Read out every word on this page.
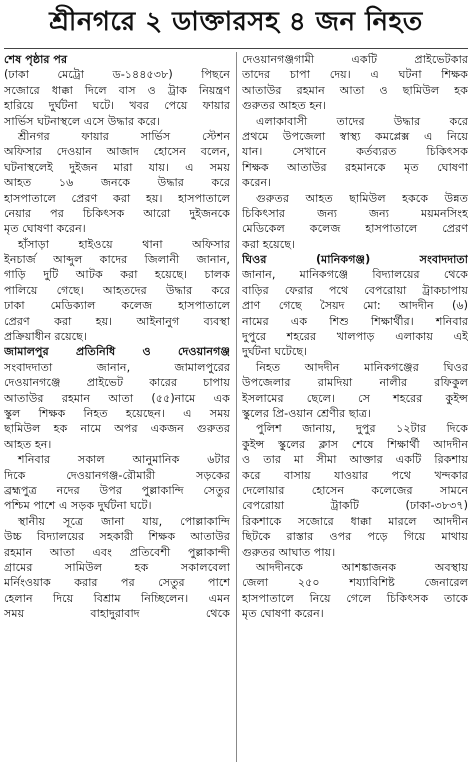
শ্রীনগরে ২ ডাক্তারসহ ৪ জন নিহত
শেষ পৃষ্ঠার পর
(ঢাকা মেট্রো ড-১৪৪৫৩৮) পিছনে
সজোরে ধাক্কা দিলে বাস ও ট্রাক নিয়ন্ত্রণ
হারিয়ে দুর্ঘটনা ঘটে। খবর পেয়ে ফায়ার
সার্ভিস ঘটনাস্থলে এসে উদ্ধার করে।
শ্রীনগর ফায়ার সার্ভিস স্টেশন
অফিসার দেওয়ান আজাদ হোসেন বলেন,
ঘটনাস্থলেই দুইজন মারা যায়। এ সময়
আহত ১৬ জনকে উদ্ধার করে
হাসপাতালে প্রেরণ করা হয়। হাসপাতালে
নেয়ার পর চিকিৎসক আরো দুইজনকে
মৃত ঘোষণা করেন।
হাঁসাড়া হাইওয়ে থানা অফিসার
ইনচার্জ আব্দুল কাদের জিলানী জানান,
গাড়ি দুটি আটক করা হয়েছে। চালক
পালিয়ে গেছে। আহতদের উদ্ধার করে
ঢাকা মেডিক্যাল কলেজ হাসপাতালে
প্রেরণ করা হয়। আইনানুগ ব্যবস্থা
প্রক্রিয়াধীন রয়েছে।
জামালপুর প্রতিনিধি ও দেওয়ানগঞ্জ
সংবাদদাতা জানান, জামালপুরের
দেওয়ানগঞ্জে প্রাইভেট কারের চাপায়
আতাউর রহমান আতা (৫৫)নামে এক
স্কুল শিক্ষক নিহত হয়েছেন। এ সময়
ছামিউল হক নামে অপর একজন গুরুতর
আহত হন।
শনিবার সকাল আনুমানিক ৬টার
দিকে দেওয়ানগঞ্জ-রৌমারী সড়কের
ব্রহ্মপুত্র নদের উপর পুল্লাকান্দি সেতুর
পশ্চিম পাশে এ সড়ক দুর্ঘটনা ঘটে।
স্থানীয় সূত্রে জানা যায়, পোল্লাকান্দি
উচ্চ বিদ্যালয়ের সহকারী শিক্ষক আতাউর
রহমান আতা এবং প্রতিবেশী পুল্লাকান্দী
গ্রামের সামিউল হক সকালবেলা
মর্নিংওয়াক করার পর সেতুর পাশে
হেলান দিয়ে বিশ্রাম নিচ্ছিলেন। এমন
সময় বাহাদুরাবাদ থেকে
দেওয়ানগঞ্জগামী একটি প্রাইভেটকার
তাদের চাপা দেয়। এ ঘটনা শিক্ষক
আতাউর রহমান আতা ও ছামিউল হক
গুরুতর আহত হন।
এলাকাবাসী তাদের উদ্ধার করে
প্রথমে উপজেলা স্বাস্থ্য কমপ্লেক্স এ নিয়ে
যান। সেখানে কর্তব্যরত চিকিৎসক
শিক্ষক আতাউর রহমানকে মৃত ঘোষণা
করেন।
গুরুতর আহত ছামিউল হককে উন্নত
চিকিৎসার জন্য জন্য ময়মনসিংহ
মেডিকেল কলেজ হাসপাতালে প্রেরণ
করা হয়েছে।
ঘিওর (মানিকগঞ্জ) সংবাদদাতা
জানান, মানিকগঞ্জে বিদ্যালয়ের থেকে
বাড়ির ফেরার পথে বেপরোয়া ট্রাকচাপায়
প্রাণ গেছে সৈয়দ মো: আদদীন (৬)
নামের এক শিশু শিক্ষার্থীর। শনিবার
দুপুরে শহরের খালপাড় এলাকায় এই
দুর্ঘটনা ঘটেছে।
নিহত আদদীন মানিকগঞ্জের ঘিওর
উপজেলার রামদিয়া নালীর রফিকুল
ইসলামের ছেলে। সে শহরের কুইন্স
স্কুলের প্রি-ওয়ান শ্রেণীর ছাত্র।
পুলিশ জানায়, দুপুর ১২টার দিকে
কুইন্স স্কুলের ক্লাস শেষে শিক্ষার্থী আদদীন
ও তার মা সীমা আক্তার একটি রিকশায়
করে বাসায় যাওয়ার পথে খন্দকার
দেলোয়ার হোসেন কলেজের সামনে
বেপরোয়া ট্রাকটি (ঢাকা-৩৮৩৭)
রিকশাকে সজোরে ধাক্কা মারলে আদদীন
ছিটকে রাস্তার ওপর পড়ে গিয়ে মাথায়
গুরুতর আঘাত পায়।
আদদীনকে আশঙ্কাজনক অবস্থায়
জেলা ২৫০ শয্যাবিশিষ্ট জেনারেল
হাসপাতালে নিয়ে গেলে চিকিৎসক তাকে
মৃত ঘোষণা করেন।
